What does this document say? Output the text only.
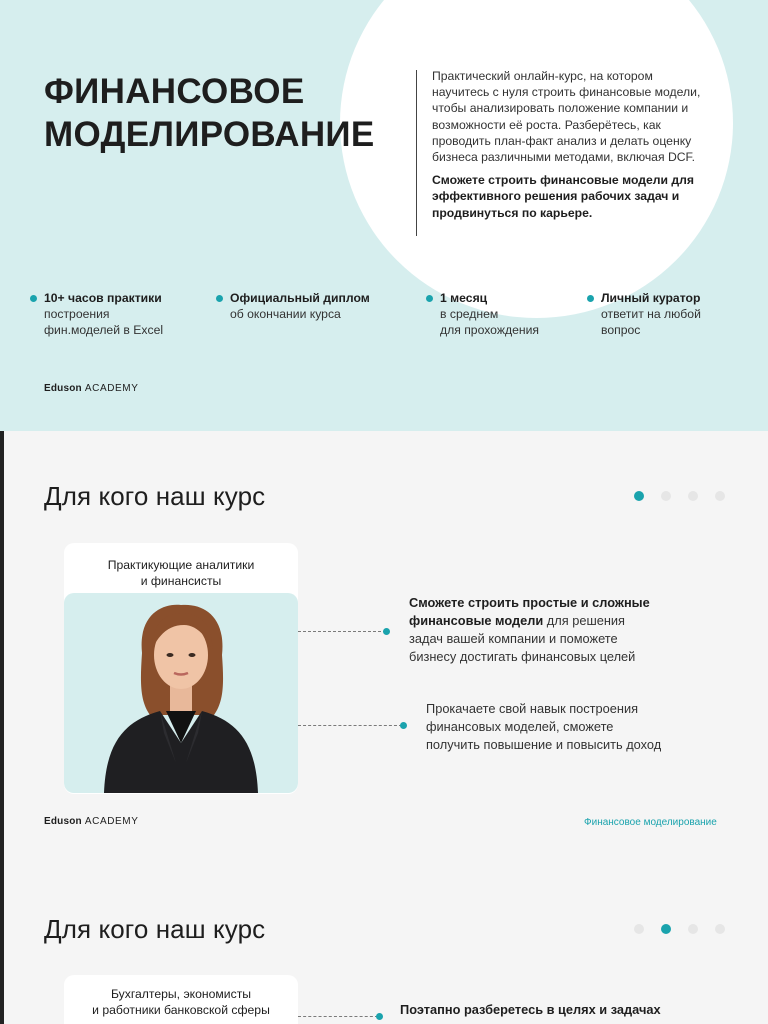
ФИНАНСОВОЕ
МОДЕЛИРОВАНИЕ

Практический онлайн-курс, на котором научитесь с нуля строить финансовые модели, чтобы анализировать положение компании и возможности её роста. Разберётесь, как проводить план-факт анализ и делать оценку бизнеса различными методами, включая DCF.

Сможете строить финансовые модели для эффективного решения рабочих задач и продвинуться по карьере.

10+ часов практики
построения
фин.моделей в Excel
Официальный диплом
об окончании курса
1 месяц
в среднем
для прохождения
Личный куратор
ответит на любой
вопрос
Eduson ACADEMY
Для кого наш курс
Практикующие аналитики
и финансисты
Сможете строить простые и сложные
финансовые модели для решения
задач вашей компании и поможете
бизнесу достигать финансовых целей
Прокачаете свой навык построения
финансовых моделей, сможете
получить повышение и повысить доход
Eduson ACADEMY	Финансовое моделирование
Для кого наш курс
Бухгалтеры, экономисты
и работники банковской сферы	Поэтапно разберетесь в целях и задачах
